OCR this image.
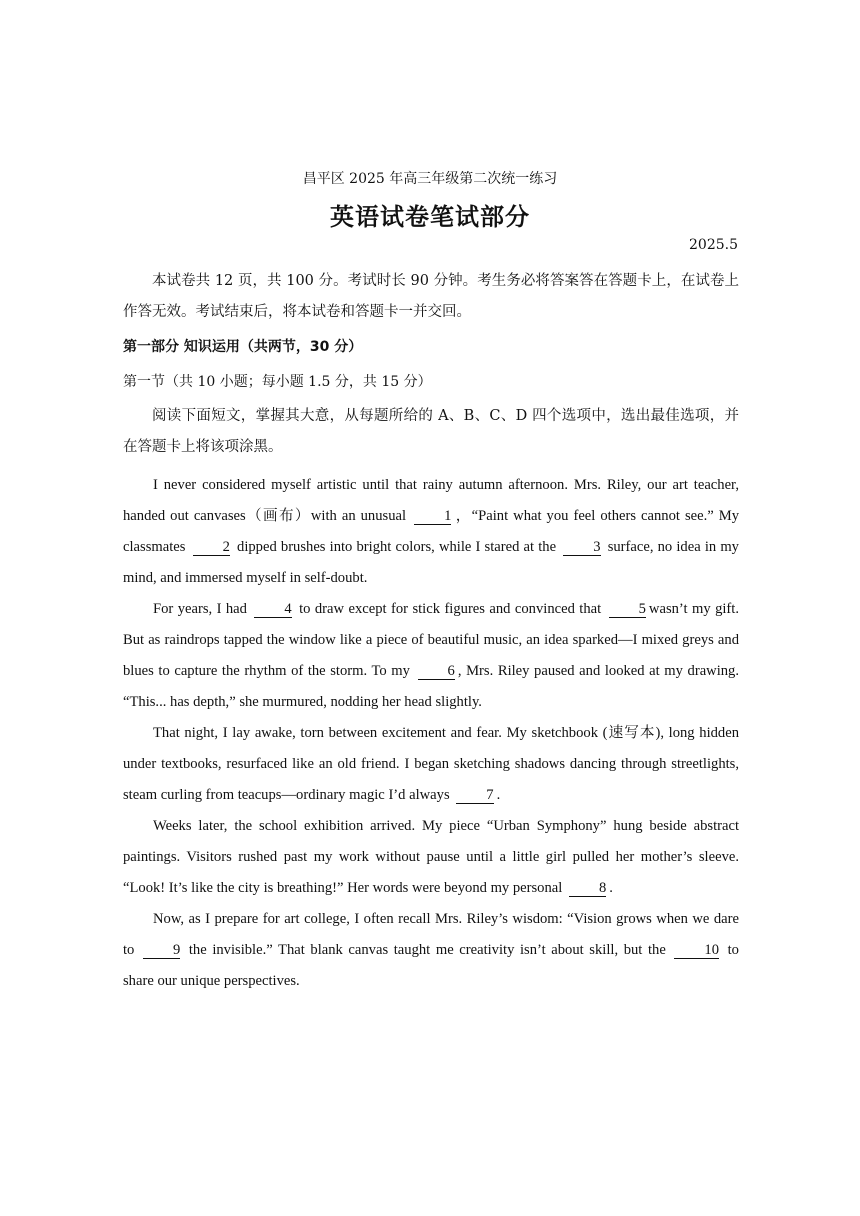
昌平区 2025 年高三年级第二次统一练习
英语试卷笔试部分
2025.5
本试卷共 12 页，共 100 分。考试时长 90 分钟。考生务必将答案答在答题卡上，在试卷上作答无效。考试结束后，将本试卷和答题卡一并交回。
第一部分 知识运用（共两节，30 分）
第一节（共 10 小题；每小题 1.5 分，共 15 分）
阅读下面短文，掌握其大意，从每题所给的 A、B、C、D 四个选项中，选出最佳选项，并在答题卡上将该项涂黑。

I never considered myself artistic until that rainy autumn afternoon. Mrs. Riley, our art teacher, handed out canvases（画布）with an unusual	1 ，“Paint what you feel others cannot see.” My classmates	2 dipped brushes into bright colors, while I stared at the	3 surface, no idea in my mind, and immersed myself in self-doubt.

For years, I had	4 to draw except for stick figures and convinced that	5 wasn’t my gift. But as raindrops tapped the window like a piece of beautiful music, an idea sparked—I mixed greys and blues to capture the rhythm of the storm. To my	6 , Mrs. Riley paused and looked at my drawing. “This... has depth,” she murmured, nodding her head slightly.

That night, I lay awake, torn between excitement and fear. My sketchbook (速写本), long hidden under textbooks, resurfaced like an old friend. I began sketching shadows dancing through streetlights, steam curling from teacups—ordinary magic I’d always	7 .

Weeks later, the school exhibition arrived. My piece “Urban Symphony” hung beside abstract paintings. Visitors rushed past my work without pause until a little girl pulled her mother’s sleeve. “Look! It’s like the city is breathing!” Her words were beyond my personal	8 .

Now, as I prepare for art college, I often recall Mrs. Riley’s wisdom: “Vision grows when we dare to	9 the invisible.” That blank canvas taught me creativity isn’t about skill, but the	10 to share our unique perspectives.
